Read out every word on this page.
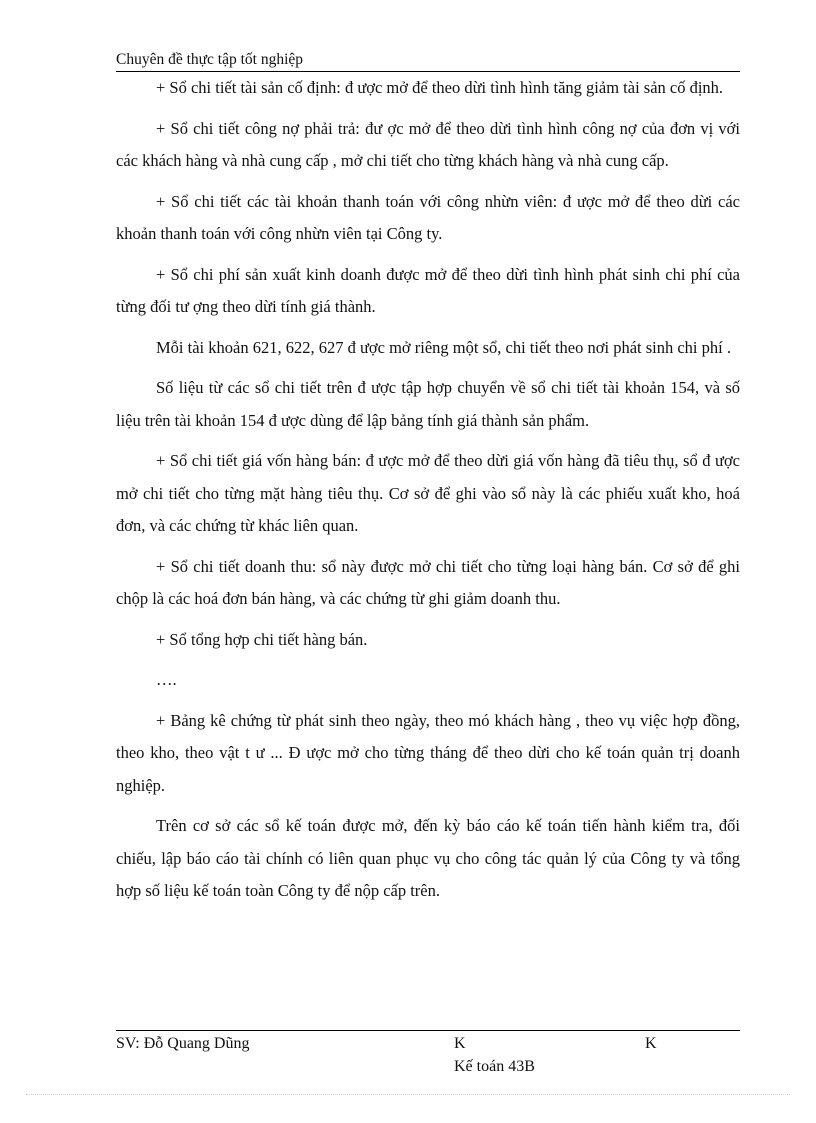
Chuyên đề thực tập tốt nghiệp

+ Sổ chi tiết tài sản cố định: đ ược mở để theo dừi tình hình tăng giảm tài sản cố định.

+ Sổ chi tiết công nợ phải trả: đư ợc mở để theo dừi tình hình công nợ của đơn vị với các khách hàng và nhà cung cấp , mở chi tiết cho từng khách hàng và nhà cung cấp.

+ Sổ chi tiết các tài khoản thanh toán với công nhừn viên: đ ược mở để theo dừi các khoản thanh toán với công nhừn viên tại Công ty.

+ Sổ chi phí sản xuất kinh doanh được mở để theo dừi tình hình phát sinh chi phí của từng đối tư ợng theo dừi tính giá thành.

Mỗi tài khoản 621, 622, 627 đ ược mở riêng một sổ, chi tiết theo nơi phát sinh chi phí .

Số liệu từ các sổ chi tiết trên đ ược tập hợp chuyển về sổ chi tiết tài khoản 154, và số liệu trên tài khoản 154 đ ược dùng để lập bảng tính giá thành sản phẩm.

+ Sổ chi tiết giá vốn hàng bán: đ ược mở để theo dừi giá vốn hàng đã tiêu thụ, sổ đ ược mở chi tiết cho từng mặt hàng tiêu thụ. Cơ sở để ghi vào sổ này là các phiếu xuất kho, hoá đơn, và các chứng từ khác liên quan.

+ Sổ chi tiết doanh thu: sổ này được mở chi tiết cho từng loại hàng bán. Cơ sở để ghi chộp là các hoá đơn bán hàng, và các chứng từ ghi giảm doanh thu.

+ Sổ tổng hợp chi tiết hàng bán.

….

+ Bảng kê chứng từ phát sinh theo ngày, theo mó khách hàng , theo vụ việc hợp đồng, theo kho, theo vật t ư ... Đ ược mở cho từng tháng để theo dừi cho kế toán quản trị doanh nghiệp.

Trên cơ sở các sổ kế toán được mở, đến kỳ báo cáo kế toán tiến hành kiểm tra, đối chiếu, lập báo cáo tài chính có liên quan phục vụ cho công tác quản lý của Công ty và tổng hợp số liệu kế toán toàn Công ty để nộp cấp trên.

SV: Đỗ Quang Dũng	K
Kế toán 43B
K
